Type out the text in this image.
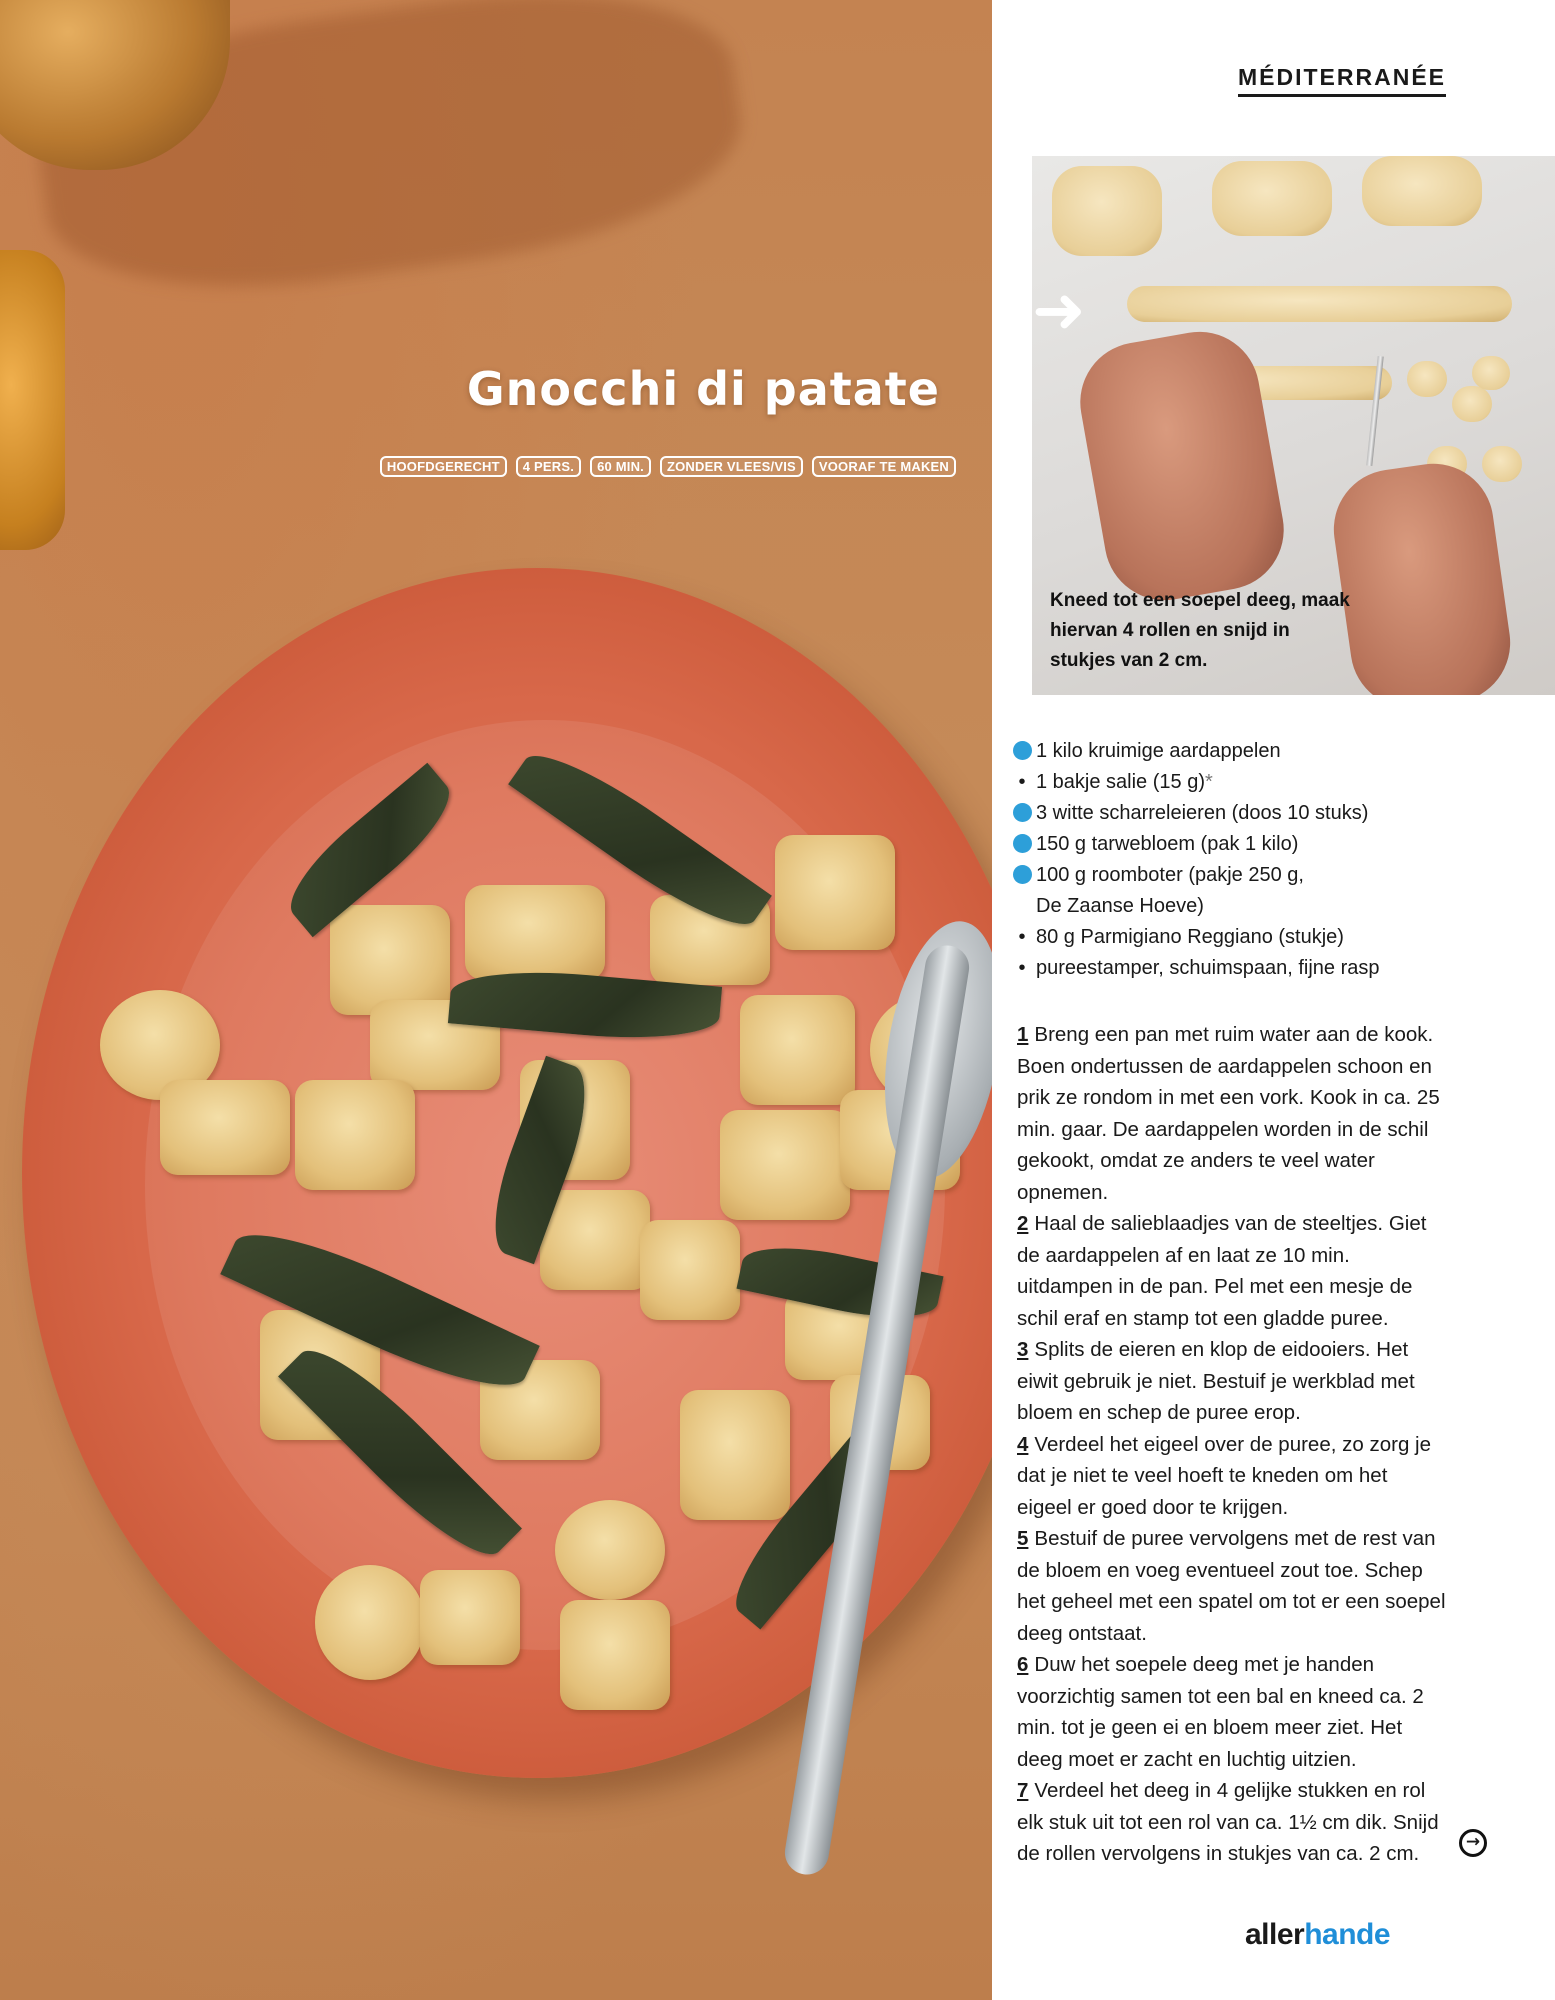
Gnocchi di patate
HOOFDGERECHT	4 PERS.	60 MIN.	ZONDER VLEES/VIS	VOORAF TE MAKEN
MÉDITERRANÉE
➜

Kneed tot een soepel deeg, maak hiervan 4 rollen en snijd in stukjes van 2 cm.

1 kilo kruimige aardappelen
• 1 bakje salie (15 g) *

3 witte scharreleieren (doos 10 stuks)

150 g tarwebloem (pak 1 kilo)

100 g roomboter (pakje 250 g,
De Zaanse Hoeve)
• 80 g Parmigiano Reggiano (stukje)
• pureestamper, schuimspaan, fijne rasp

1 Breng een pan met ruim water aan de kook. Boen ondertussen de aardappelen schoon en prik ze rondom in met een vork. Kook in ca. 25 min. gaar. De aardappelen worden in de schil gekookt, omdat ze anders te veel water opnemen.

2 Haal de salieblaadjes van de steeltjes. Giet de aardappelen af en laat ze 10 min. uitdampen in de pan. Pel met een mesje de schil eraf en stamp tot een gladde puree.

3 Splits de eieren en klop de eidooiers. Het eiwit gebruik je niet. Bestuif je werkblad met bloem en schep de puree erop.

4 Verdeel het eigeel over de puree, zo zorg je dat je niet te veel hoeft te kneden om het eigeel er goed door te krijgen.

5 Bestuif de puree vervolgens met de rest van de bloem en voeg eventueel zout toe. Schep het geheel met een spatel om tot er een soepel deeg ontstaat.

6 Duw het soepele deeg met je handen voorzichtig samen tot een bal en kneed ca. 2 min. tot je geen ei en bloem meer ziet. Het deeg moet er zacht en luchtig uitzien.

7 Verdeel het deeg in 4 gelijke stukken en rol elk stuk uit tot een rol van ca. 1½ cm dik. Snijd de rollen vervolgens in stukjes van ca. 2 cm.	→
allerhande
